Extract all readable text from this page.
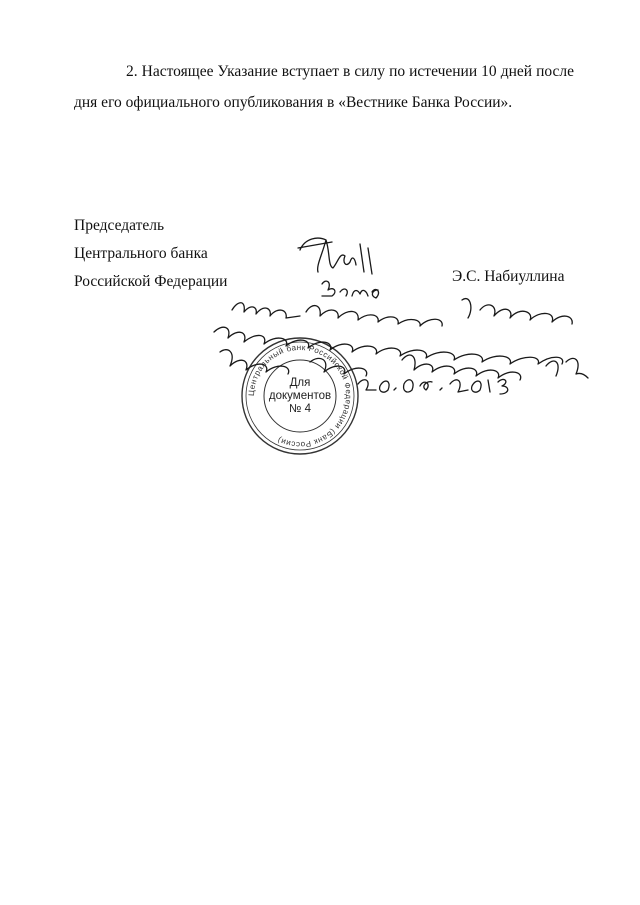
2. Настоящее Указание вступает в силу по истечении 10 дней после дня его официального опубликования в «Вестнике Банка России».

Председатель
Центрального банка
Российской Федерации	Э.С. Набиуллина
Центральный банк Российской Федерации (Банк России)
Для
документов
№ 4
